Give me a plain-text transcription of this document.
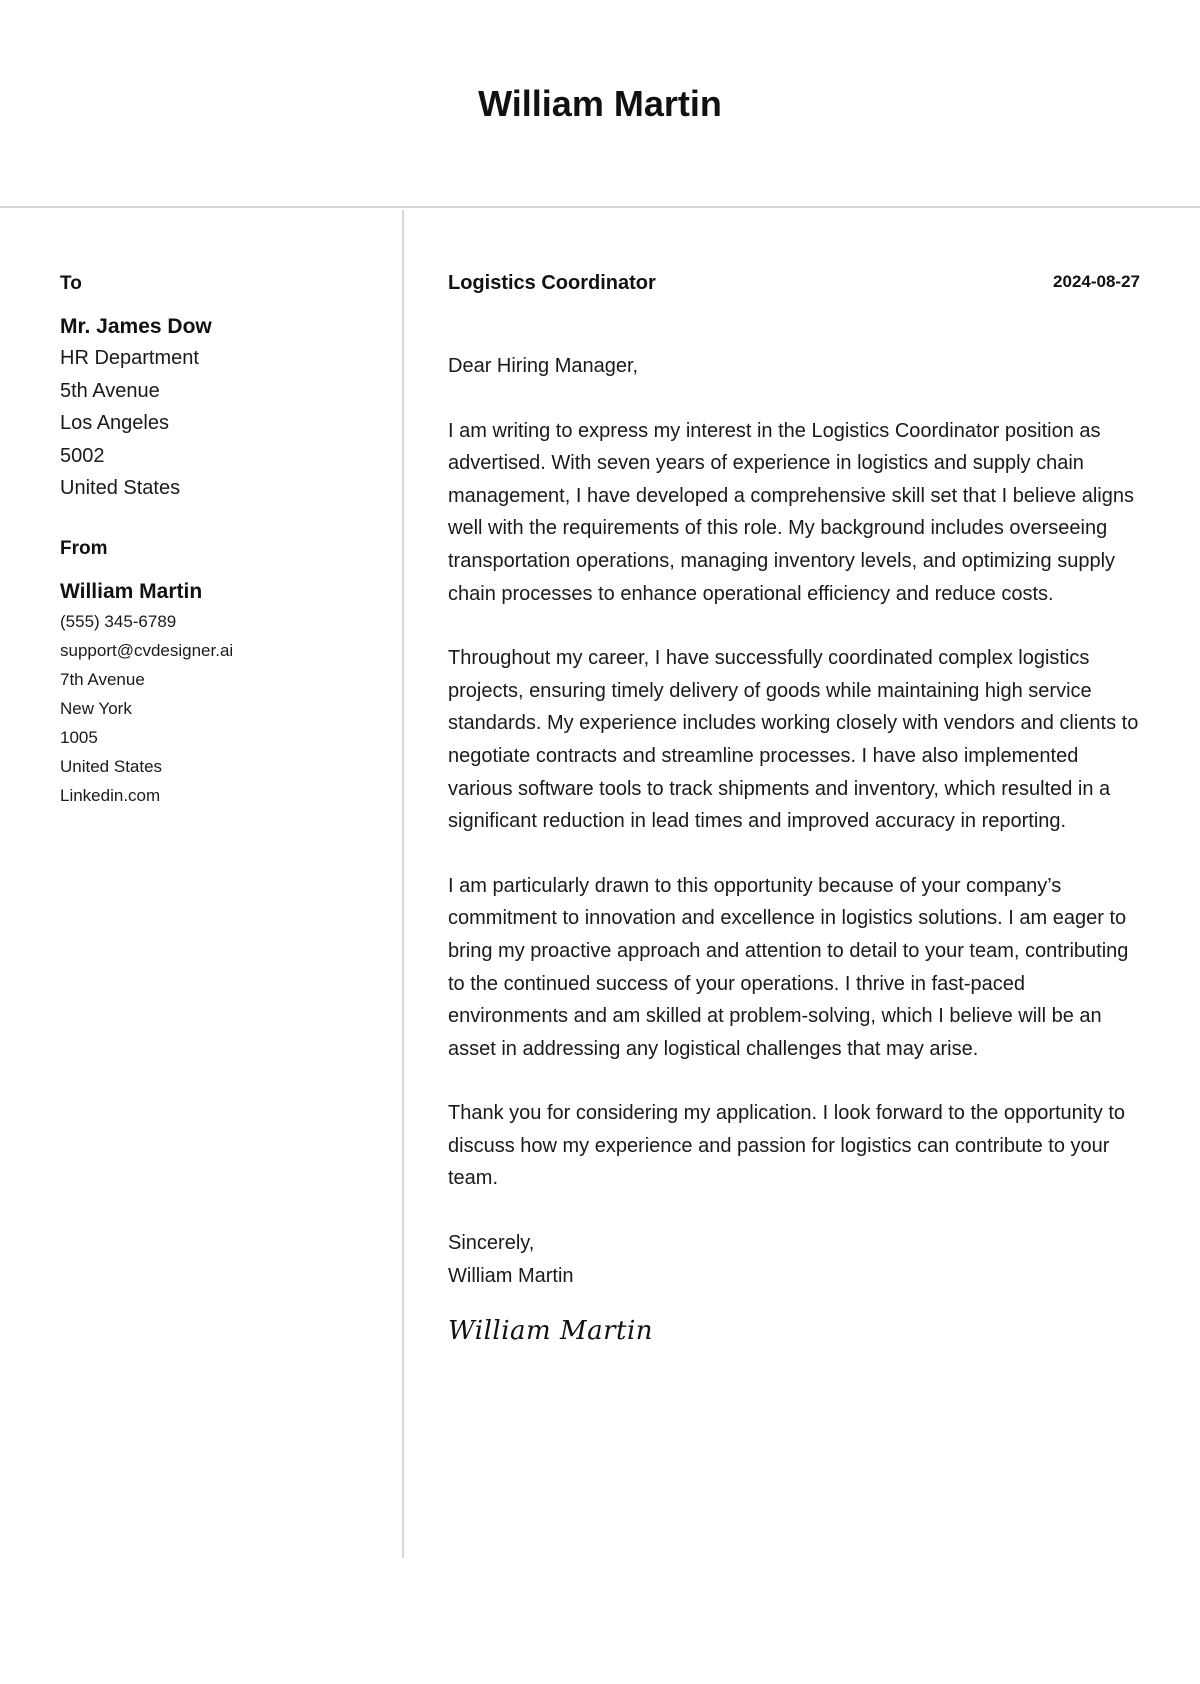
William Martin

To

Mr. James Dow

HR Department

5th Avenue

Los Angeles

5002

United States

From

William Martin

(555) 345-6789

support@cvdesigner.ai

7th Avenue

New York

1005

United States

Linkedin.com

Logistics Coordinator	2024-08-27

Dear Hiring Manager,

I am writing to express my interest in the Logistics Coordinator position as advertised. With seven years of experience in logistics and supply chain management, I have developed a comprehensive skill set that I believe aligns well with the requirements of this role. My background includes overseeing transportation operations, managing inventory levels, and optimizing supply chain processes to enhance operational efficiency and reduce costs.

Throughout my career, I have successfully coordinated complex logistics projects, ensuring timely delivery of goods while maintaining high service standards. My experience includes working closely with vendors and clients to negotiate contracts and streamline processes. I have also implemented various software tools to track shipments and inventory, which resulted in a significant reduction in lead times and improved accuracy in reporting.

I am particularly drawn to this opportunity because of your company’s commitment to innovation and excellence in logistics solutions. I am eager to bring my proactive approach and attention to detail to your team, contributing to the continued success of your operations. I thrive in fast-paced environments and am skilled at problem-solving, which I believe will be an asset in addressing any logistical challenges that may arise.

Thank you for considering my application. I look forward to the opportunity to discuss how my experience and passion for logistics can contribute to your team.

Sincerely,

William Martin

William Martin
